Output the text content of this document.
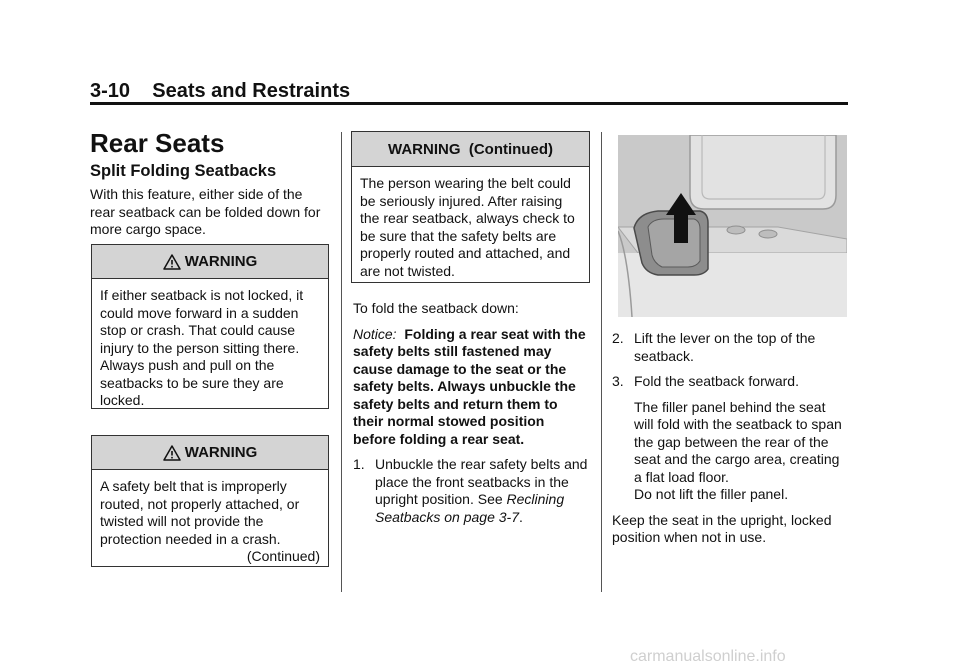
3-10    Seats and Restraints
Rear Seats
Split Folding Seatbacks

With this feature, either side of the rear seatback can be folded down for more cargo space.

WARNING

If either seatback is not locked, it could move forward in a sudden stop or crash. That could cause injury to the person sitting there. Always push and pull on the seatbacks to be sure they are locked.

WARNING

A safety belt that is improperly routed, not properly attached, or twisted will not provide the protection needed in a crash.

(Continued)

WARNING  (Continued)

The person wearing the belt could be seriously injured. After raising the rear seatback, always check to be sure that the safety belts are properly routed and attached, and are not twisted.

To fold the seatback down:

Notice: Folding a rear seat with the safety belts still fastened may cause damage to the seat or the safety belts. Always unbuckle the safety belts and return them to their normal stowed position before folding a rear seat.

1. Unbuckle the rear safety belts and place the front seatbacks in the upright position. See Reclining Seatbacks on page 3-7.
2. Lift the lever on the top of the seatback.
3. Fold the seatback forward.

The filler panel behind the seat will fold with the seatback to span the gap between the rear of the seat and the cargo area, creating a flat load floor.

Do not lift the filler panel.

Keep the seat in the upright, locked position when not in use.

carmanualsonline.info
